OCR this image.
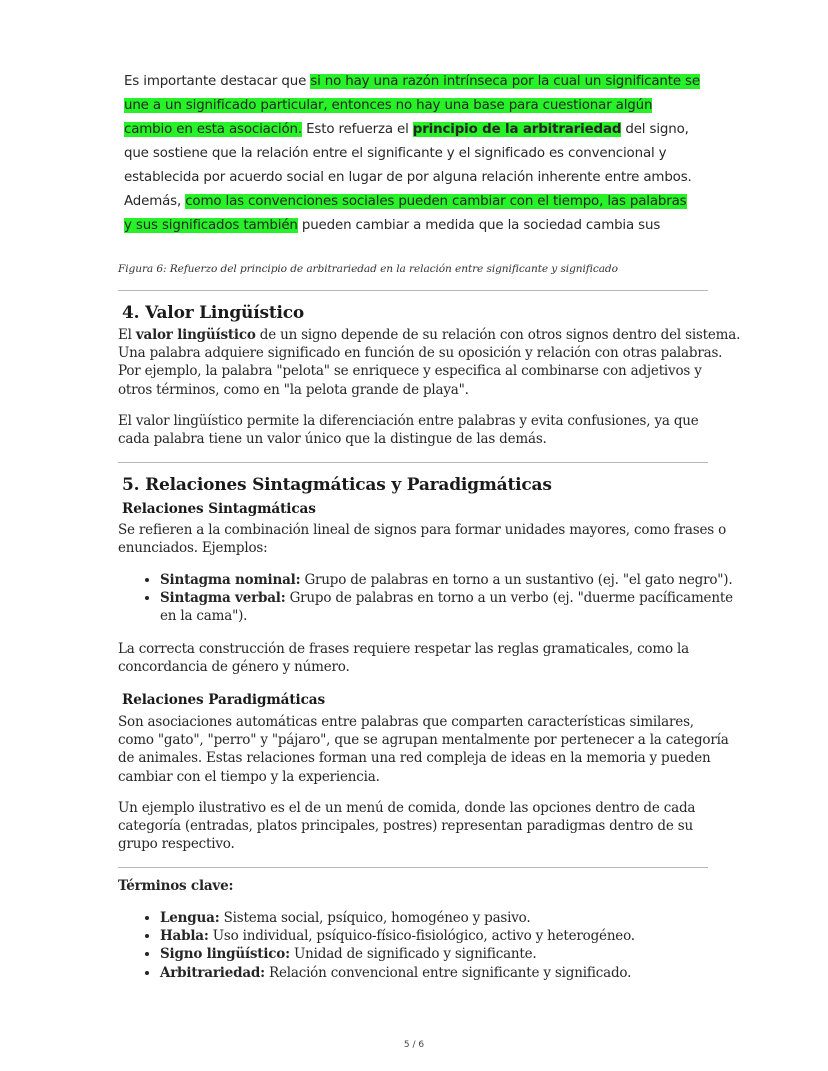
Es importante destacar que si no hay una razón intrínseca por la cual un significante se
une a un significado particular, entonces no hay una base para cuestionar algún
cambio en esta asociación. Esto refuerza el principio de la arbitrariedad del signo,
que sostiene que la relación entre el significante y el significado es convencional y
establecida por acuerdo social en lugar de por alguna relación inherente entre ambos.
Además, como las convenciones sociales pueden cambiar con el tiempo, las palabras
y sus significados también pueden cambiar a medida que la sociedad cambia sus
Figura 6: Refuerzo del principio de arbitrariedad en la relación entre significante y significado
4. Valor Lingüístico
El valor lingüístico de un signo depende de su relación con otros signos dentro del sistema.
Una palabra adquiere significado en función de su oposición y relación con otras palabras.
Por ejemplo, la palabra "pelota" se enriquece y especifica al combinarse con adjetivos y
otros términos, como en "la pelota grande de playa".
El valor lingüístico permite la diferenciación entre palabras y evita confusiones, ya que
cada palabra tiene un valor único que la distingue de las demás.
5. Relaciones Sintagmáticas y Paradigmáticas
Relaciones Sintagmáticas
Se refieren a la combinación lineal de signos para formar unidades mayores, como frases o
enunciados. Ejemplos:
• Sintagma nominal: Grupo de palabras en torno a un sustantivo (ej. "el gato negro").
• Sintagma verbal: Grupo de palabras en torno a un verbo (ej. "duerme pacíficamente en la cama").
La correcta construcción de frases requiere respetar las reglas gramaticales, como la
concordancia de género y número.
Relaciones Paradigmáticas
Son asociaciones automáticas entre palabras que comparten características similares,
como "gato", "perro" y "pájaro", que se agrupan mentalmente por pertenecer a la categoría
de animales. Estas relaciones forman una red compleja de ideas en la memoria y pueden
cambiar con el tiempo y la experiencia.
Un ejemplo ilustrativo es el de un menú de comida, donde las opciones dentro de cada
categoría (entradas, platos principales, postres) representan paradigmas dentro de su
grupo respectivo.
Términos clave:
• Lengua: Sistema social, psíquico, homogéneo y pasivo.
• Habla: Uso individual, psíquico-físico-fisiológico, activo y heterogéneo.
• Signo lingüístico: Unidad de significado y significante.
• Arbitrariedad: Relación convencional entre significante y significado.
5 / 6
